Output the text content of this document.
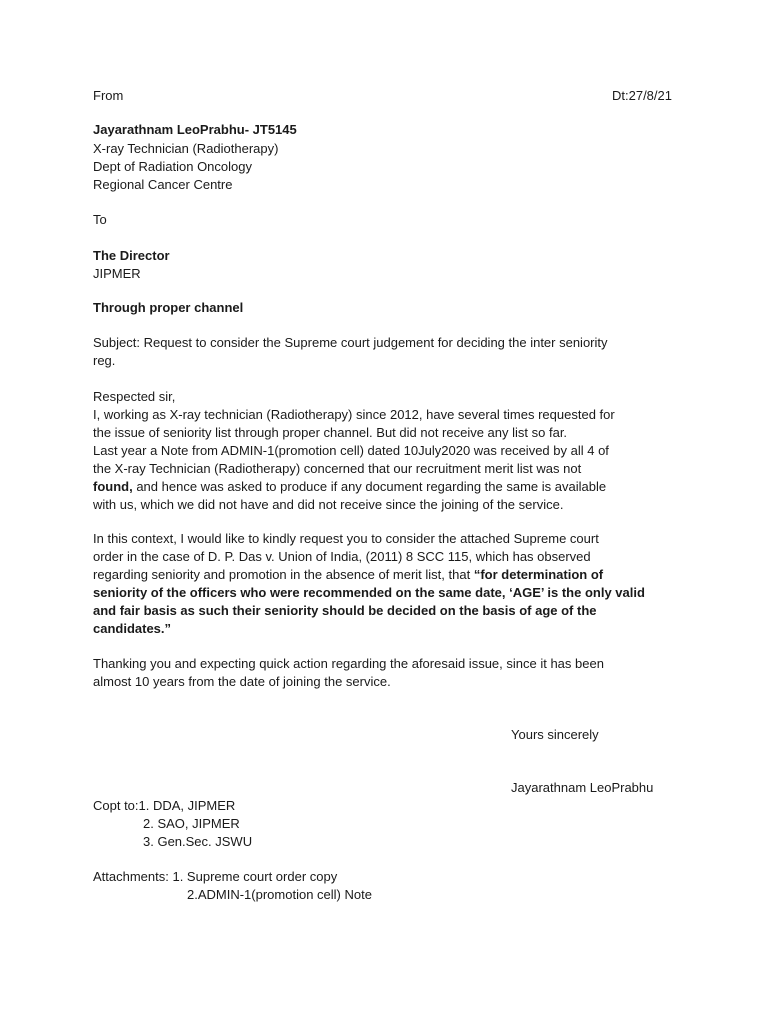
From	Dt:27/8/21
Jayarathnam LeoPrabhu- JT5145
X-ray Technician (Radiotherapy)
Dept of Radiation Oncology
Regional Cancer Centre
To
The Director
JIPMER
Through proper channel
Subject: Request to consider the Supreme court judgement for deciding the inter seniority
reg.
Respected sir,
I, working as X-ray technician (Radiotherapy) since 2012, have several times requested for
the issue of seniority list through proper channel. But did not receive any list so far.
Last year a Note from ADMIN-1(promotion cell) dated 10July2020 was received by all 4 of
the X-ray Technician (Radiotherapy) concerned that our recruitment merit list was not
found, and hence was asked to produce if any document regarding the same is available
with us, which we did not have and did not receive since the joining of the service.
In this context, I would like to kindly request you to consider the attached Supreme court
order in the case of D. P. Das v. Union of India, (2011) 8 SCC 115, which has observed
regarding seniority and promotion in the absence of merit list, that “for determination of
seniority of the officers who were recommended on the same date, ‘AGE’ is the only valid
and fair basis as such their seniority should be decided on the basis of age of the
candidates.”
Thanking you and expecting quick action regarding the aforesaid issue, since it has been
almost 10 years from the date of joining the service.
Yours sincerely
Jayarathnam LeoPrabhu
Copt to:1. DDA, JIPMER
2. SAO, JIPMER
3. Gen.Sec. JSWU
Attachments: 1. Supreme court order copy
2.ADMIN-1(promotion cell) Note
